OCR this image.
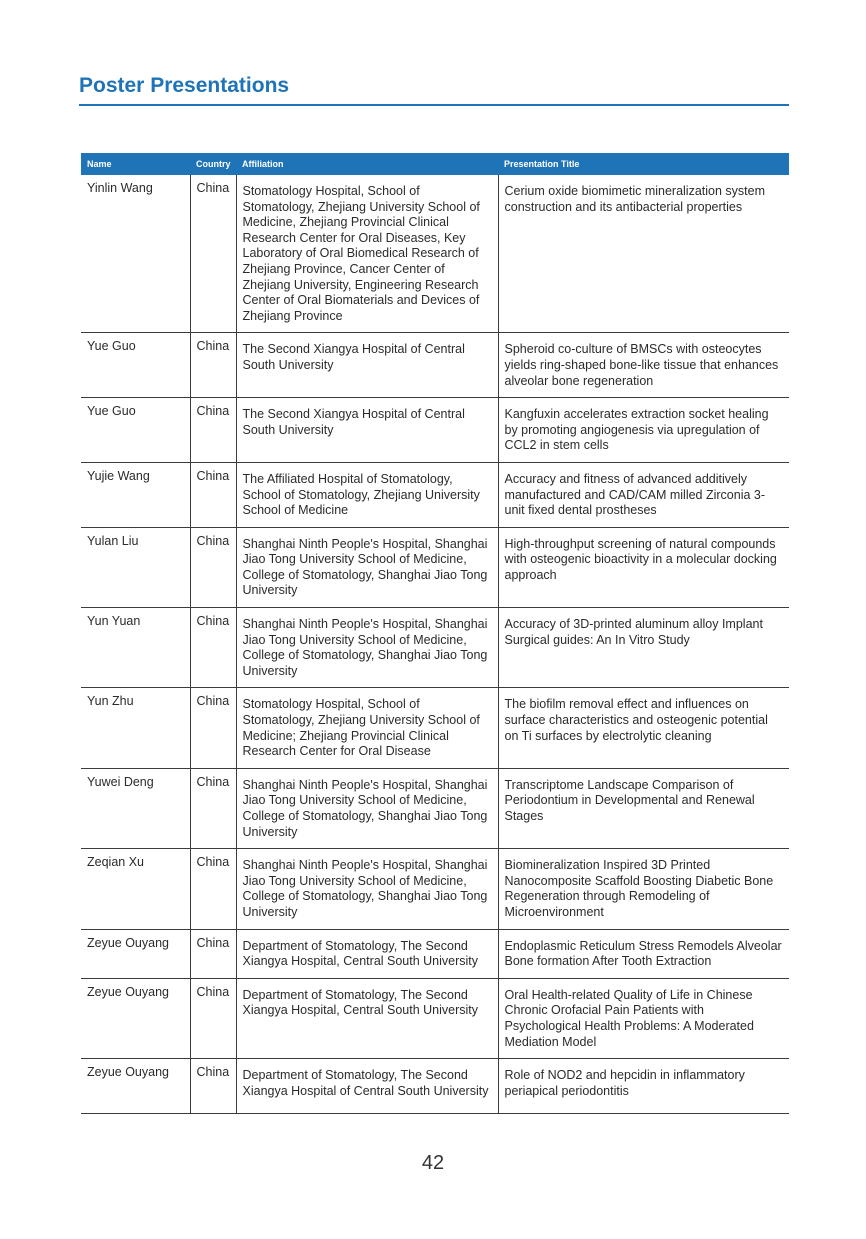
Poster Presentations
Name	Country	Affiliation	Presentation Title
Yinlin Wang	China	Stomatology Hospital, School of Stomatology, Zhejiang University School of Medicine, Zhejiang Provincial Clinical Research Center for Oral Diseases, Key Laboratory of Oral Biomedical Research of Zhejiang Province, Cancer Center of Zhejiang University, Engineering Research Center of Oral Biomaterials and Devices of Zhejiang Province	Cerium oxide biomimetic mineralization system construction and its antibacterial properties
Yue Guo	China	The Second Xiangya Hospital of Central South University	Spheroid co-culture of BMSCs with osteocytes yields ring-shaped bone-like tissue that enhances alveolar bone regeneration
Yue Guo	China	The Second Xiangya Hospital of Central South University	Kangfuxin accelerates extraction socket healing by promoting angiogenesis via upregulation of CCL2 in stem cells
Yujie Wang	China	The Affiliated Hospital of Stomatology, School of Stomatology, Zhejiang University School of Medicine	Accuracy and fitness of advanced additively manufactured and CAD/CAM milled Zirconia 3-unit fixed dental prostheses
Yulan Liu	China	Shanghai Ninth People's Hospital, Shanghai Jiao Tong University School of Medicine, College of Stomatology, Shanghai Jiao Tong University	High-throughput screening of natural compounds with osteogenic bioactivity in a molecular docking approach
Yun Yuan	China	Shanghai Ninth People's Hospital, Shanghai Jiao Tong University School of Medicine, College of Stomatology, Shanghai Jiao Tong University	Accuracy of 3D-printed aluminum alloy Implant Surgical guides: An In Vitro Study
Yun Zhu	China	Stomatology Hospital, School of Stomatology, Zhejiang University School of Medicine; Zhejiang Provincial Clinical Research Center for Oral Disease	The biofilm removal effect and influences on surface characteristics and osteogenic potential on Ti surfaces by electrolytic cleaning
Yuwei Deng	China	Shanghai Ninth People's Hospital, Shanghai Jiao Tong University School of Medicine, College of Stomatology, Shanghai Jiao Tong University	Transcriptome Landscape Comparison of Periodontium in Developmental and Renewal Stages
Zeqian Xu	China	Shanghai Ninth People's Hospital, Shanghai Jiao Tong University School of Medicine, College of Stomatology, Shanghai Jiao Tong University	Biomineralization Inspired 3D Printed Nanocomposite Scaffold Boosting Diabetic Bone Regeneration through Remodeling of Microenvironment
Zeyue Ouyang	China	Department of Stomatology, The Second Xiangya Hospital, Central South University	Endoplasmic Reticulum Stress Remodels Alveolar Bone formation After Tooth Extraction
Zeyue Ouyang	China	Department of Stomatology, The Second Xiangya Hospital, Central South University	Oral Health-related Quality of Life in Chinese Chronic Orofacial Pain Patients with Psychological Health Problems: A Moderated Mediation Model
Zeyue Ouyang	China	Department of Stomatology, The Second Xiangya Hospital of Central South University	Role of NOD2 and hepcidin in inflammatory periapical periodontitis
42
